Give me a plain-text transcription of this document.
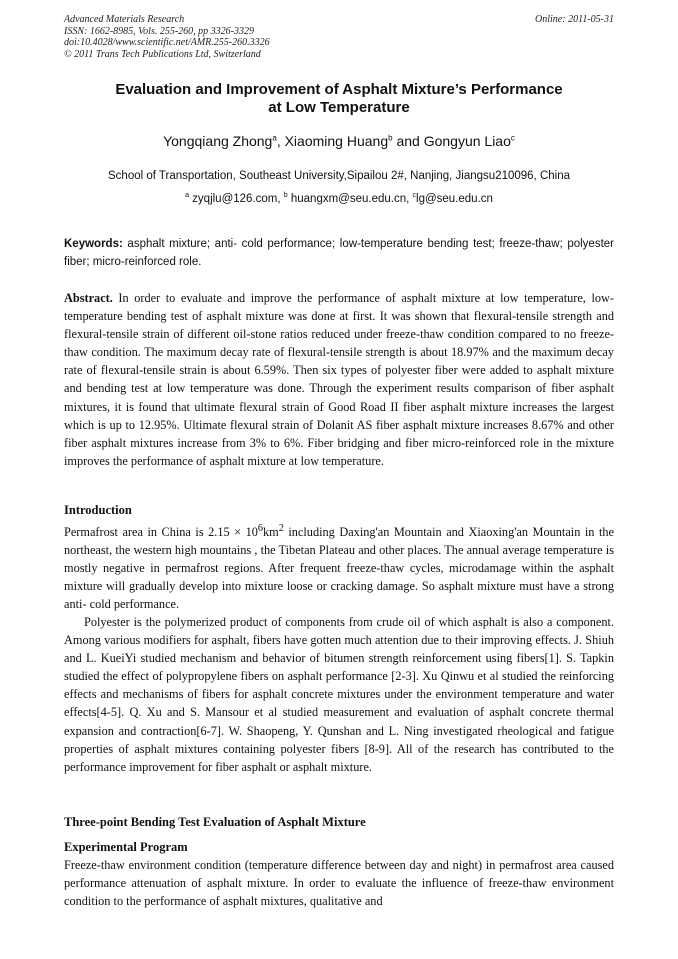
Advanced Materials Research
ISSN: 1662-8985, Vols. 255-260, pp 3326-3329
doi:10.4028/www.scientific.net/AMR.255-260.3326
© 2011 Trans Tech Publications Ltd, Switzerland
Online: 2011-05-31
Evaluation and Improvement of Asphalt Mixture’s Performance
at Low Temperature
Yongqiang Zhong$^a$, Xiaoming Huang$^b$ and Gongyun Liao$^c$
School of Transportation, Southeast University,Sipailou 2#, Nanjing, Jiangsu210096, China
$^a$ zyqjlu@126.com, $^b$ huangxm@seu.edu.cn, $^c$lg@seu.edu.cn
Keywords: asphalt mixture; anti- cold performance; low-temperature bending test; freeze-thaw; polyester fiber; micro-reinforced role.
Abstract. In order to evaluate and improve the performance of asphalt mixture at low temperature, low-temperature bending test of asphalt mixture was done at first. It was shown that flexural-tensile strength and flexural-tensile strain of different oil-stone ratios reduced under freeze-thaw condition compared to no freeze-thaw condition. The maximum decay rate of flexural-tensile strength is about 18.97% and the maximum decay rate of flexural-tensile strain is about 6.59%. Then six types of polyester fiber were added to asphalt mixture and bending test at low temperature was done. Through the experiment results comparison of fiber asphalt mixtures, it is found that ultimate flexural strain of Good Road II fiber asphalt mixture increases the largest which is up to 12.95%. Ultimate flexural strain of Dolanit AS fiber asphalt mixture increases 8.67% and other fiber asphalt mixtures increase from 3% to 6%. Fiber bridging and fiber micro-reinforced role in the mixture improves the performance of asphalt mixture at low temperature.
Introduction
Permafrost area in China is $2.15 \times 10^6km^2$ including Daxing'an Mountain and Xiaoxing'an Mountain in the northeast, the western high mountains , the Tibetan Plateau and other places. The annual average temperature is mostly negative in permafrost regions. After frequent freeze-thaw cycles, microdamage within the asphalt mixture will gradually develop into mixture loose or cracking damage. So asphalt mixture must have a strong anti- cold performance.
Polyester is the polymerized product of components from crude oil of which asphalt is also a component. Among various modifiers for asphalt, fibers have gotten much attention due to their improving effects. J. Shiuh and L. KueiYi studied mechanism and behavior of bitumen strength reinforcement using fibers[1]. S. Tapkin studied the effect of polypropylene fibers on asphalt performance [2-3]. Xu Qinwu et al studied the reinforcing effects and mechanisms of fibers for asphalt concrete mixtures under the environment temperature and water effects[4-5]. Q. Xu and S. Mansour et al studied measurement and evaluation of asphalt concrete thermal expansion and contraction[6-7]. W. Shaopeng, Y. Qunshan and L. Ning investigated rheological and fatigue properties of asphalt mixtures containing polyester fibers [8-9]. All of the research has contributed to the performance improvement for fiber asphalt or asphalt mixture.
Three-point Bending Test Evaluation of Asphalt Mixture
Experimental Program
Freeze-thaw environment condition (temperature difference between day and night) in permafrost area caused performance attenuation of asphalt mixture. In order to evaluate the influence of freeze-thaw environment condition to the performance of asphalt mixtures, qualitative and
